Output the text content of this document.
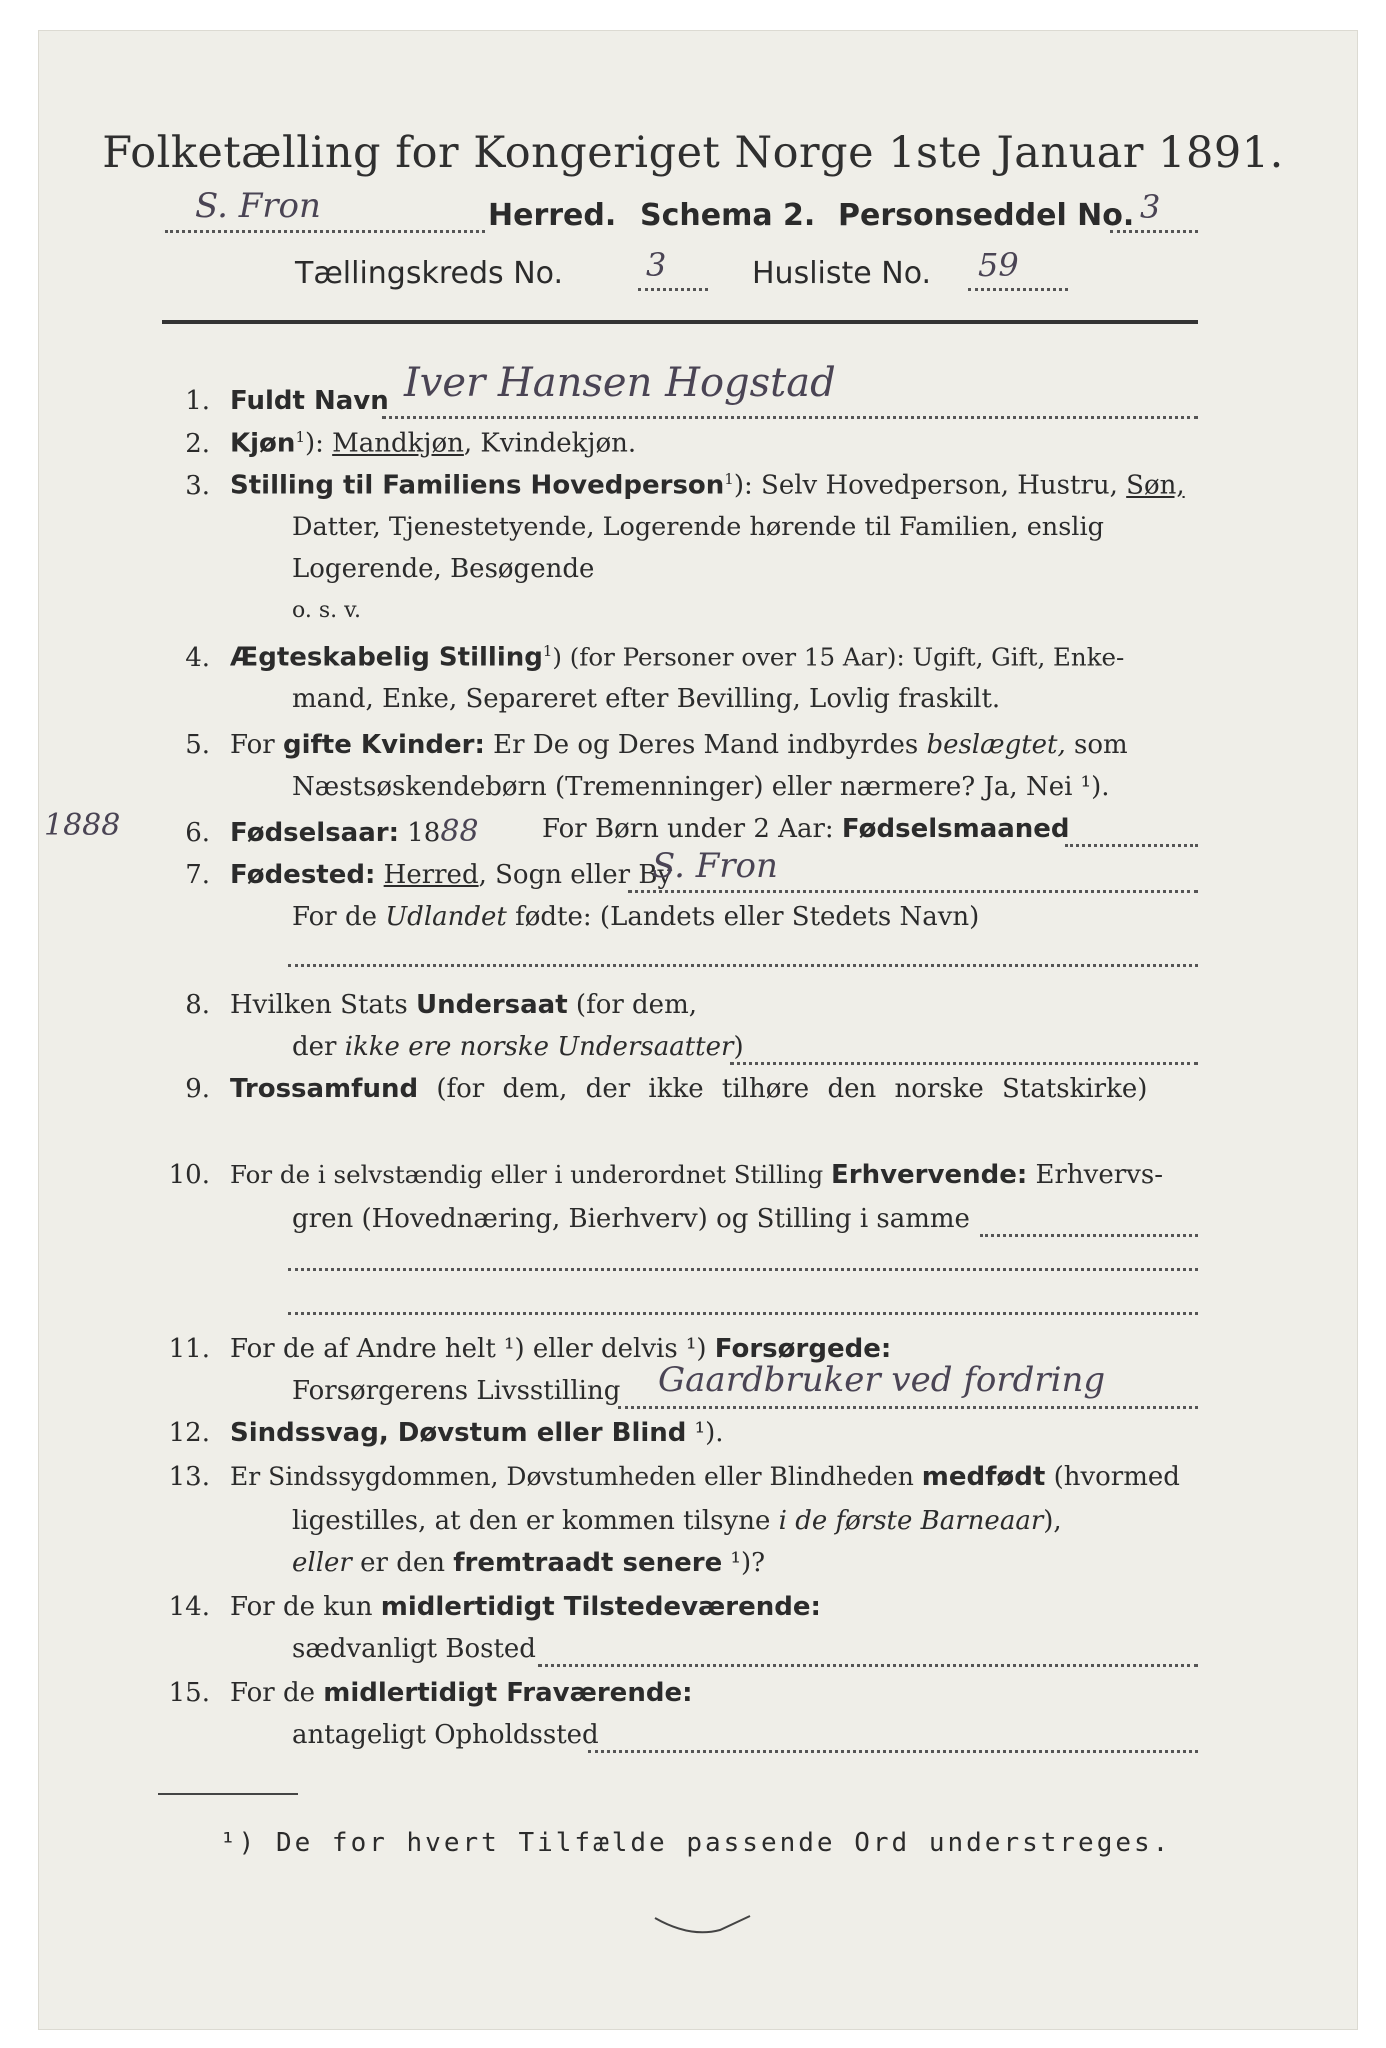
Folketælling for Kongeriget Norge 1ste Januar 1891.
S. Fron	Herred. Schema 2. Personseddel No. 3
Tællingskreds No.	3	Husliste No. 59
1. Fuldt Navn Iver Hansen Hogstad
2. Kjøn$^1$): Mandkjøn, Kvindekjøn.
3. Stilling til Familiens Hovedperson$^1$): Selv Hovedperson, Hustru, Søn,
Datter, Tjenestetyende, Logerende hørende til Familien, enslig
Logerende, Besøgende
o. s. v.
4. Ægteskabelig Stilling$^1$) (for Personer over 15 Aar): Ugift, Gift, Enke-
mand, Enke, Separeret efter Bevilling, Lovlig fraskilt.
5. For gifte Kvinder: Er De og Deres Mand indbyrdes beslægtet, som
Næstsøskendebørn (Tremenninger) eller nærmere? Ja, Nei ¹).
1888	6. Fødselsaar: 1888 For Børn under 2 Aar: Fødselsmaaned
7. Fødested: Herred, Sogn eller By
S. Fron
For de Udlandet fødte: (Landets eller Stedets Navn)
8. Hvilken Stats Undersaat (for dem,
der ikke ere norske Undersaatter)
9. Trossamfund (for dem, der ikke tilhøre den norske Statskirke)
10. For de i selvstændig eller i underordnet Stilling Erhvervende: Erhvervs-
gren (Hovednæring, Bierhverv) og Stilling i samme
11. For de af Andre helt ¹) eller delvis ¹) Forsørgede:
Forsørgerens Livsstilling Gaardbruker ved fordring
12. Sindssvag, Døvstum eller Blind ¹).
13. Er Sindssygdommen, Døvstumheden eller Blindheden medfødt (hvormed
ligestilles, at den er kommen tilsyne i de første Barneaar),
eller er den fremtraadt senere ¹)?
14. For de kun midlertidigt Tilstedeværende:
sædvanligt Bosted
15. For de midlertidigt Fraværende:
antageligt Opholdssted
¹) De for hvert Tilfælde passende Ord understreges.
